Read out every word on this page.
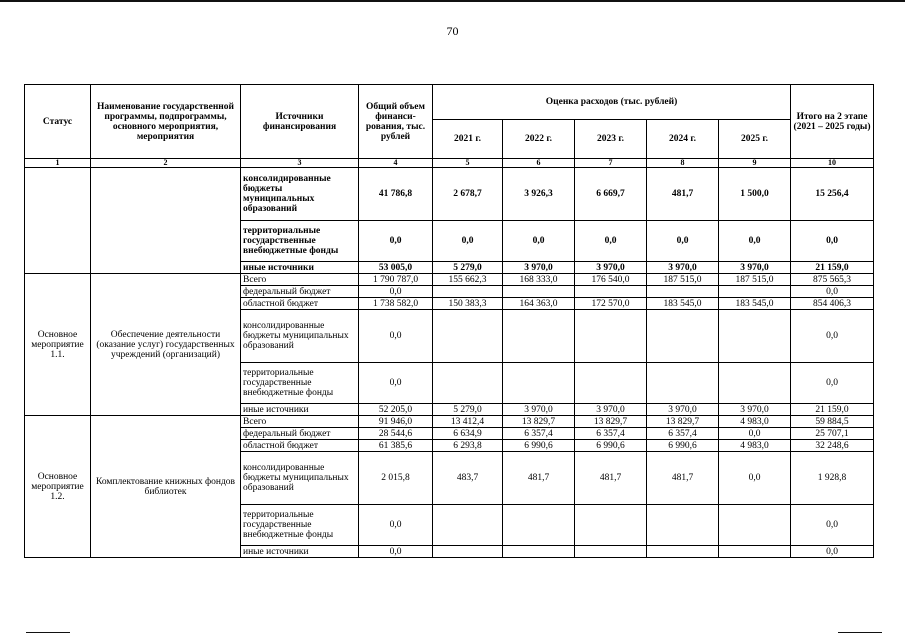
70
Статус	Наименование государственной программы, подпрограммы, основного мероприятия, мероприятия	Источники финансирования	Общий объем финанси-рования, тыс. рублей	Оценка расходов (тыс. рублей)					Итого на 2 этапе (2021 – 2025 годы)
				2021 г.	2022 г.	2023 г.	2024 г.	2025 г.	
1	2	3	4	5	6	7	8	9	10
		консолидированные бюджеты муниципальных образований	41 786,8	2 678,7	3 926,3	6 669,7	481,7	1 500,0	15 256,4
		территориальные государственные внебюджетные фонды	0,0	0,0	0,0	0,0	0,0	0,0	0,0
		иные источники	53 005,0	5 279,0	3 970,0	3 970,0	3 970,0	3 970,0	21 159,0
Основное мероприятие 1.1.	Обеспечение деятельности (оказание услуг) государственных учреждений (организаций)	Всего	1 790 787,0	155 662,3	168 333,0	176 540,0	187 515,0	187 515,0	875 565,3
		федеральный бюджет	0,0						0,0
		областной бюджет	1 738 582,0	150 383,3	164 363,0	172 570,0	183 545,0	183 545,0	854 406,3
		консолидированные бюджеты муниципальных образований	0,0						0,0
		территориальные государственные внебюджетные фонды	0,0						0,0
		иные источники	52 205,0	5 279,0	3 970,0	3 970,0	3 970,0	3 970,0	21 159,0
Основное мероприятие 1.2.	Комплектование книжных фондов библиотек	Всего	91 946,0	13 412,4	13 829,7	13 829,7	13 829,7	4 983,0	59 884,5
		федеральный бюджет	28 544,6	6 634,9	6 357,4	6 357,4	6 357,4	0,0	25 707,1
		областной бюджет	61 385,6	6 293,8	6 990,6	6 990,6	6 990,6	4 983,0	32 248,6
		консолидированные бюджеты муниципальных образований	2 015,8	483,7	481,7	481,7	481,7	0,0	1 928,8
		территориальные государственные внебюджетные фонды	0,0						0,0
		иные источники	0,0						0,0
